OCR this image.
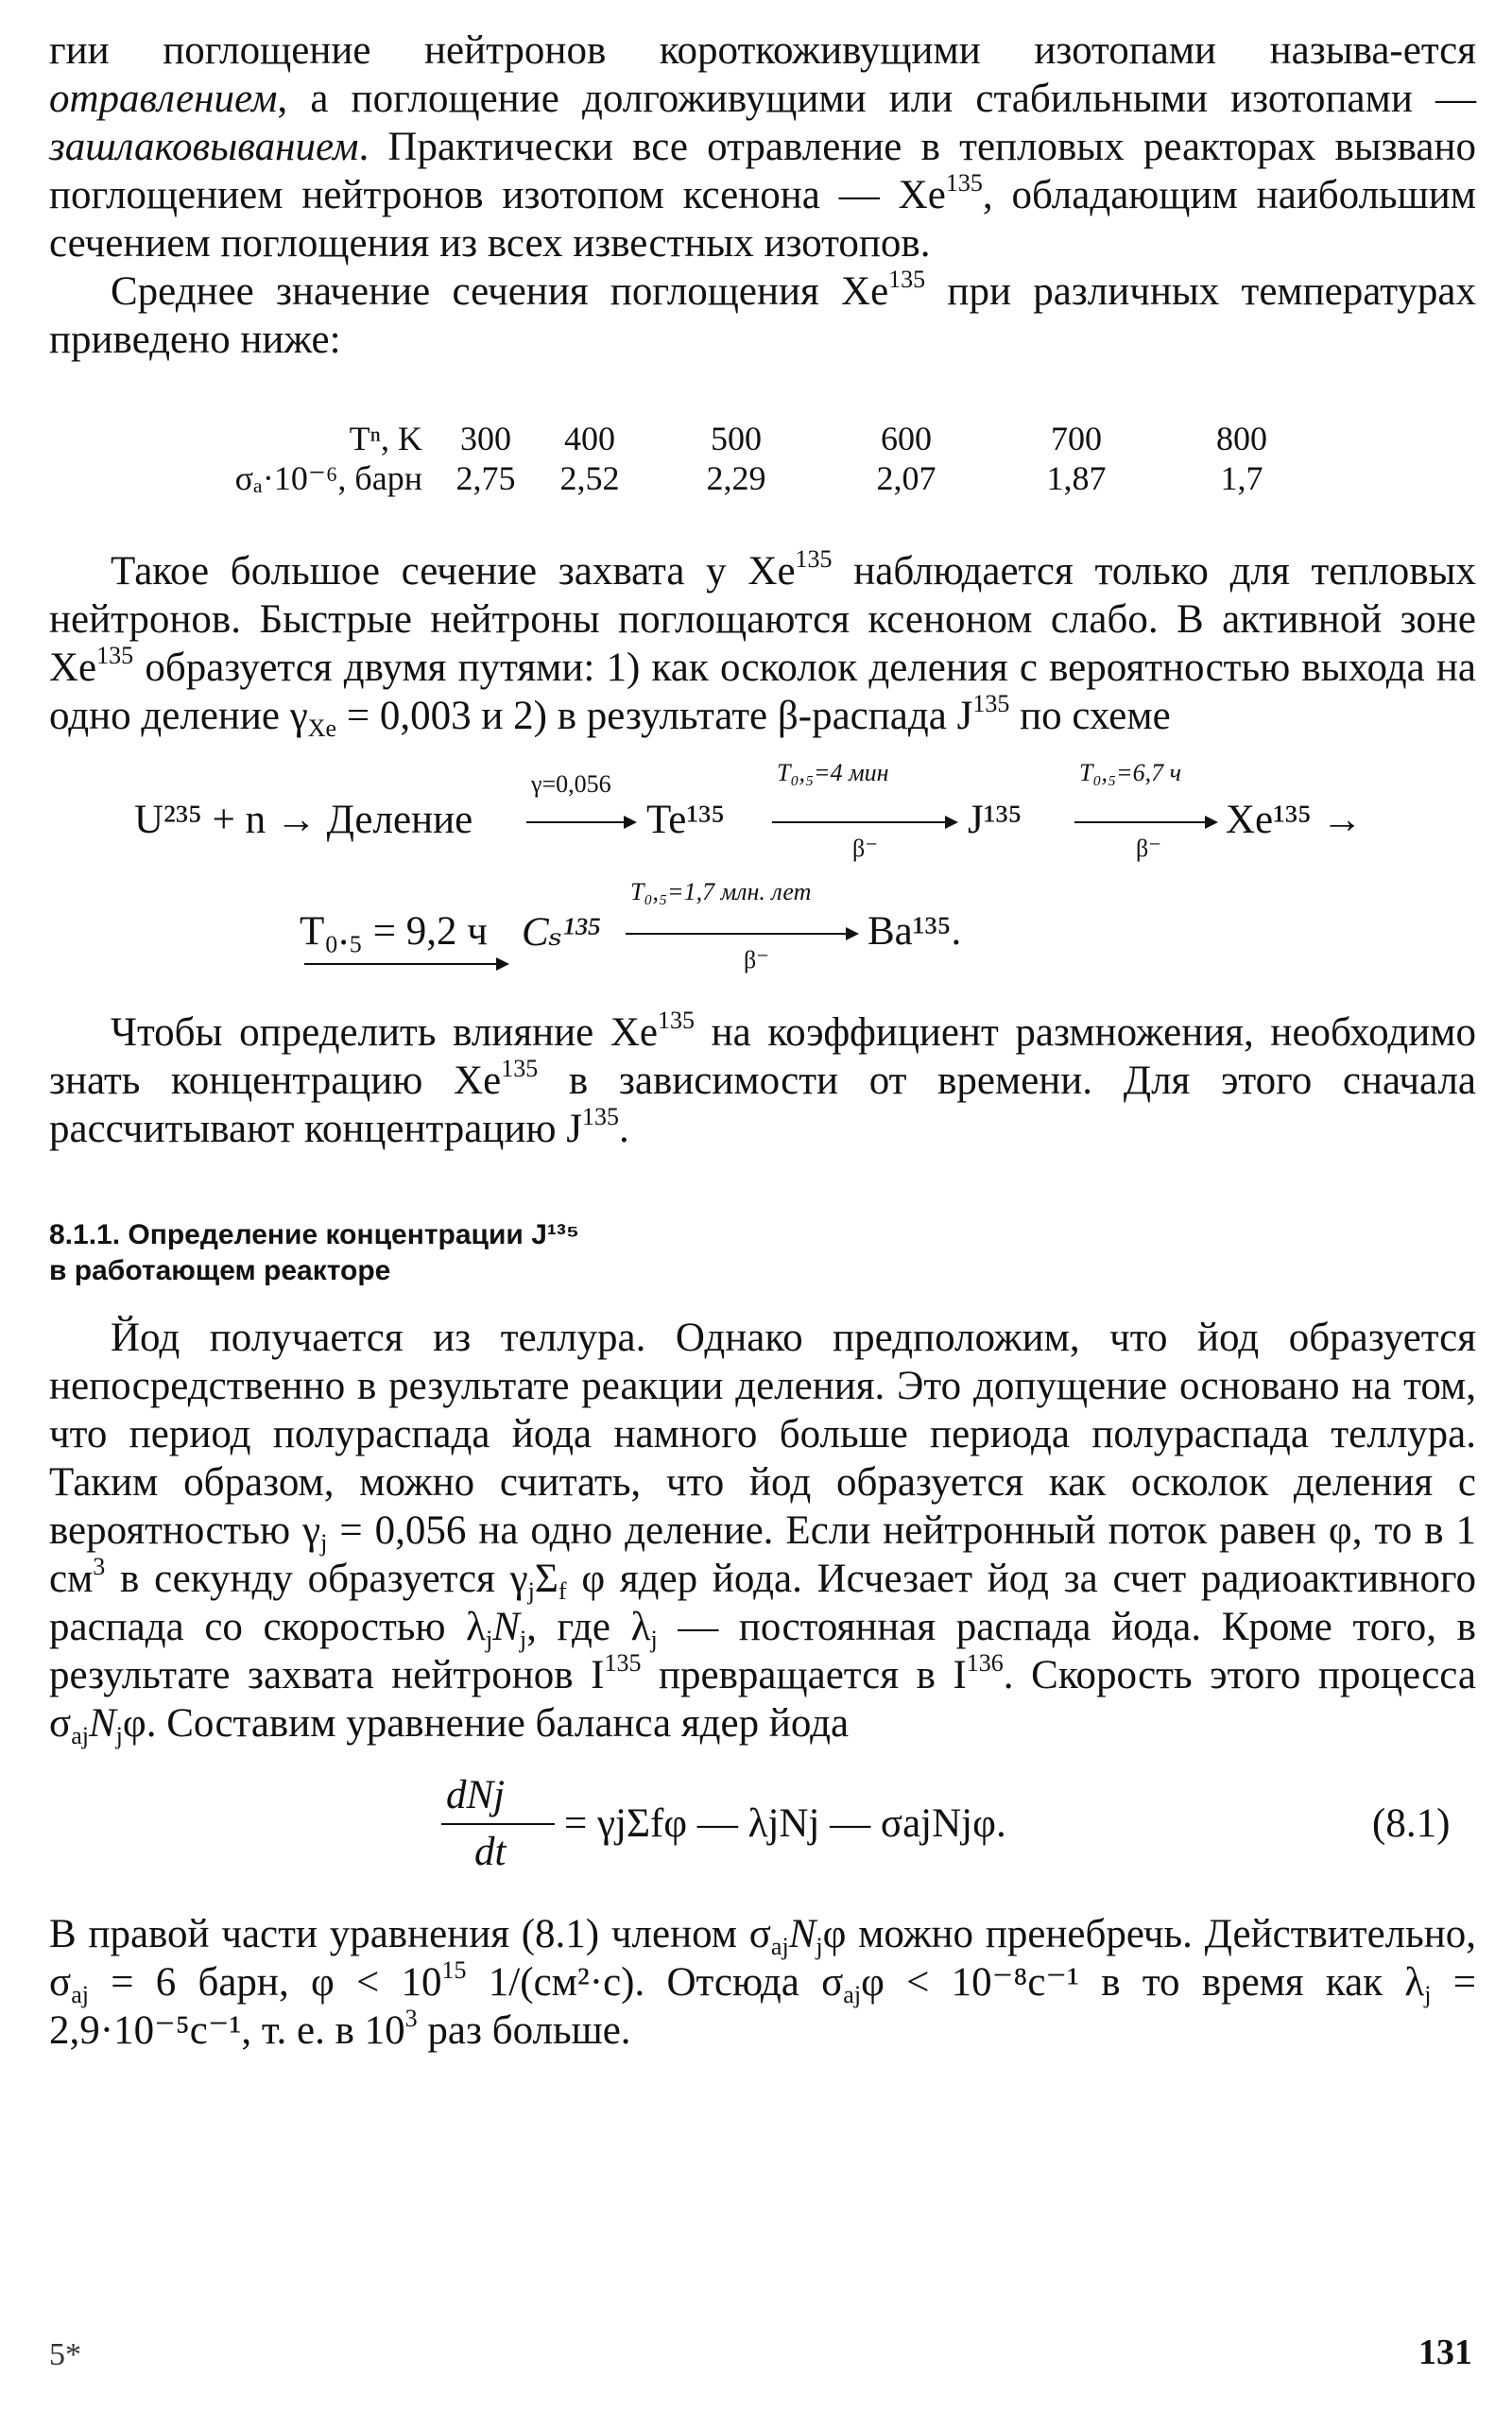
гии поглощение нейтронов короткоживущими изотопами называ-ется отравлением, а поглощение долгоживущими или стабильными изотопами — зашлаковыванием. Практически все отравление в тепловых реакторах вызвано поглощением нейтронов изотопом ксенона — Xe$^{135}$, обладающим наибольшим сечением поглощения из всех известных изотопов.

Среднее значение сечения поглощения Xe$^{135}$ при различных температурах приведено ниже:

Tⁿ, K	300	400	500	600	700	800
σₐ·10⁻⁶, барн	2,75	2,52	2,29	2,07	1,87	1,7

Такое большое сечение захвата у Xe$^{135}$ наблюдается только для тепловых нейтронов. Быстрые нейтроны поглощаются ксеноном слабо. В активной зоне Xe$^{135}$ образуется двумя путями: 1) как осколок деления с вероятностью выхода на одно деление $\gamma_{Xe} = 0,003$ и 2) в результате β-распада $J^{135}$ по схеме

U²³⁵ + n → Деление
γ=0,056
Te¹³⁵
T₀,₅=4 мин
β⁻
J¹³⁵
T₀,₅=6,7 ч
β⁻
Xe¹³⁵ →
T₀.₅ = 9,2 ч Cₛ¹³⁵
T₀,₅=1,7 млн. лет
β⁻
Ba¹³⁵.

Чтобы определить влияние Xe$^{135}$ на коэффициент размножения, необходимо знать концентрацию Xe$^{135}$ в зависимости от времени. Для этого сначала рассчитывают концентрацию $J^{135}$.

8.1.1. Определение концентрации J¹³⁵
в работающем реакторе

Йод получается из теллура. Однако предположим, что йод образуется непосредственно в результате реакции деления. Это допущение основано на том, что период полураспада йода намного больше периода полураспада теллура. Таким образом, можно считать, что йод образуется как осколок деления с вероятностью $\gamma_j = 0,056$ на одно деление. Если нейтронный поток равен φ, то в 1 $см^3$ в секунду образуется $\gamma_j\Sigma_f$ φ ядер йода. Исчезает йод за счет радиоактивного распада со скоростью $\lambda_jN_j$, где $\lambda_j$ — постоянная распада йода. Кроме того, в результате захвата нейтронов $I^{135}$ превращается в $I^{136}$. Скорость этого процесса $\sigma_{aj}N_j\varphi$. Составим уравнение баланса ядер йода

dNj
dt
= γjΣfφ — λjNj — σajNjφ.	(8.1)

В правой части уравнения (8.1) членом $\sigma_{aj}N_j\varphi$ можно пренебречь. Действительно, $\sigma_{aj} = 6$ барн, $\varphi < 10^{15}$ 1/(см²·с). Отсюда $\sigma_{aj}\varphi < 10^{-8}с^{-1}$ в то время как $\lambda_j = 2,9\cdot 10^{-5}с^{-1}$, т. е. в $10^3$ раз больше.

5*	131
